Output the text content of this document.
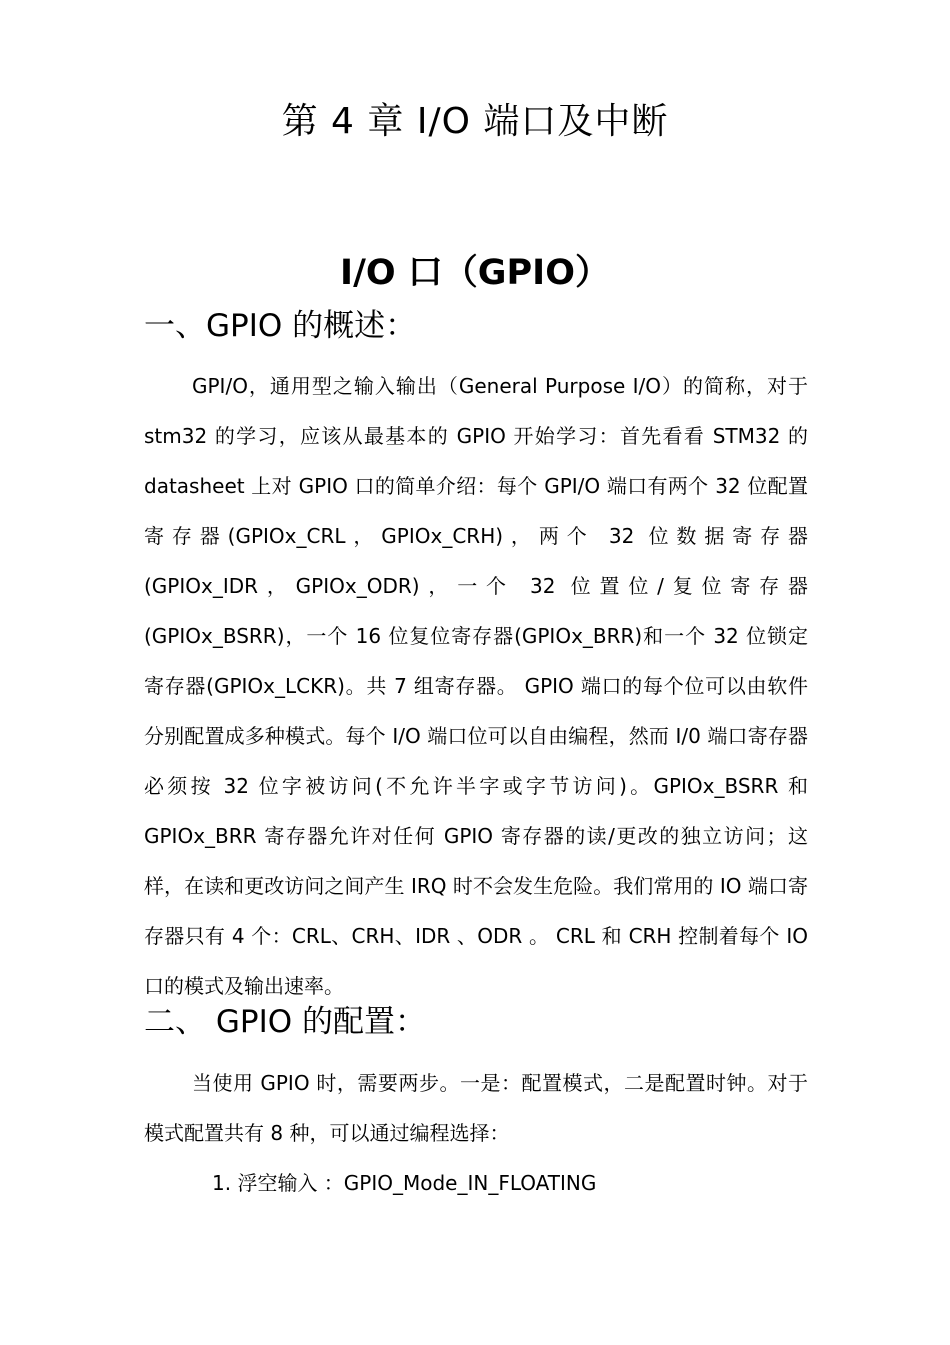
第 4 章 I/O 端口及中断
I/O 口（GPIO）
一、GPIO 的概述：
GPI/O，通用型之输入输出（General Purpose I/O）的简称，对于 stm32 的学习，应该从最基本的 GPIO 开始学习：首先看看 STM32 的 datasheet 上对 GPIO 口的简单介绍：每个 GPI/O 端口有两个 32 位配置寄存器(GPIOx_CRL，GPIOx_CRH)，两个 32 位数据寄存器(GPIOx_IDR，GPIOx_ODR)，一个 32 位置位/复位寄存器(GPIOx_BSRR)，一个 16 位复位寄存器(GPIOx_BRR)和一个 32 位锁定寄存器(GPIOx_LCKR)。共 7 组寄存器。 GPIO 端口的每个位可以由软件分别配置成多种模式。每个 I/O 端口位可以自由编程，然而 I/0 端口寄存器必须按 32 位字被访问(不允许半字或字节访问)。GPIOx_BSRR 和 GPIOx_BRR 寄存器允许对任何 GPIO 寄存器的读/更改的独立访问；这样，在读和更改访问之间产生 IRQ 时不会发生危险。我们常用的 IO 端口寄存器只有 4 个：CRL、CRH、IDR 、ODR 。 CRL 和 CRH 控制着每个 IO 口的模式及输出速率。
二、 GPIO 的配置：
当使用 GPIO 时，需要两步。一是：配置模式，二是配置时钟。对于模式配置共有 8 种，可以通过编程选择：
1. 浮空输入 ：GPIO_Mode_IN_FLOATING
